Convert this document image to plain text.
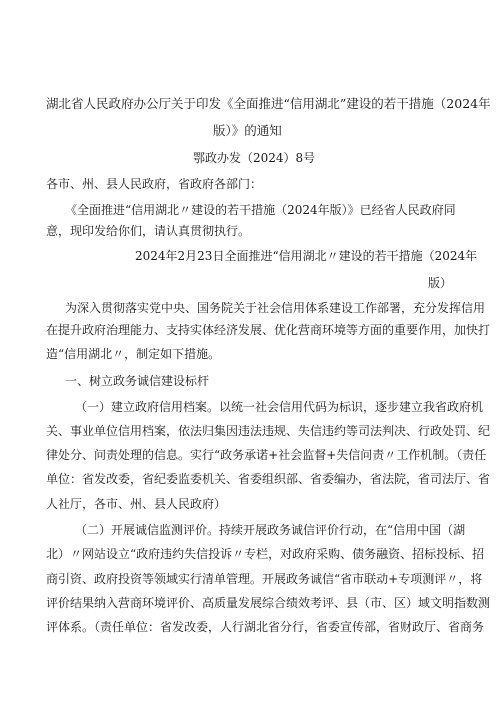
湖北省人民政府办公厅关于印发《全面推进“信用湖北”建设的若干措施（2024年
版）》的通知
鄂政办发（2024）8号
各市、州、县人民政府，省政府各部门：
《全面推进“信用湖北〃建设的若干措施（2024年版）》已经省人民政府同
意，现印发给你们，请认真贯彻执行。
2024年2月23日全面推进“信用湖北〃建设的若干措施（2024年
版）
为深入贯彻落实党中央、国务院关于社会信用体系建设工作部署，充分发挥信用
在提升政府治理能力、支持实体经济发展、优化营商环境等方面的重要作用，加快打
造“信用湖北〃，制定如下措施。
一、树立政务诚信建设标杆
（一）建立政府信用档案。以统一社会信用代码为标识，逐步建立我省政府机
关、事业单位信用档案，依法归集因违法违规、失信违约等司法判决、行政处罚、纪
律处分、问责处理的信息。实行“政务承诺+社会监督+失信问责〃工作机制。（责任
单位：省发改委，省纪委监委机关、省委组织部、省委编办，省法院，省司法厅、省
人社厅，各市、州、县人民政府）
（二）开展诚信监测评价。持续开展政务诚信评价行动，在“信用中国（湖
北）〃网站设立“政府违约失信投诉〃专栏，对政府采购、债务融资、招标投标、招
商引资、政府投资等领域实行清单管理。开展政务诚信“省市联动+专项测评〃，将
评价结果纳入营商环境评价、高质量发展综合绩效考评、县（市、区）域文明指数测
评体系。（责任单位：省发改委，人行湖北省分行，省委宣传部，省财政厅、省商务
